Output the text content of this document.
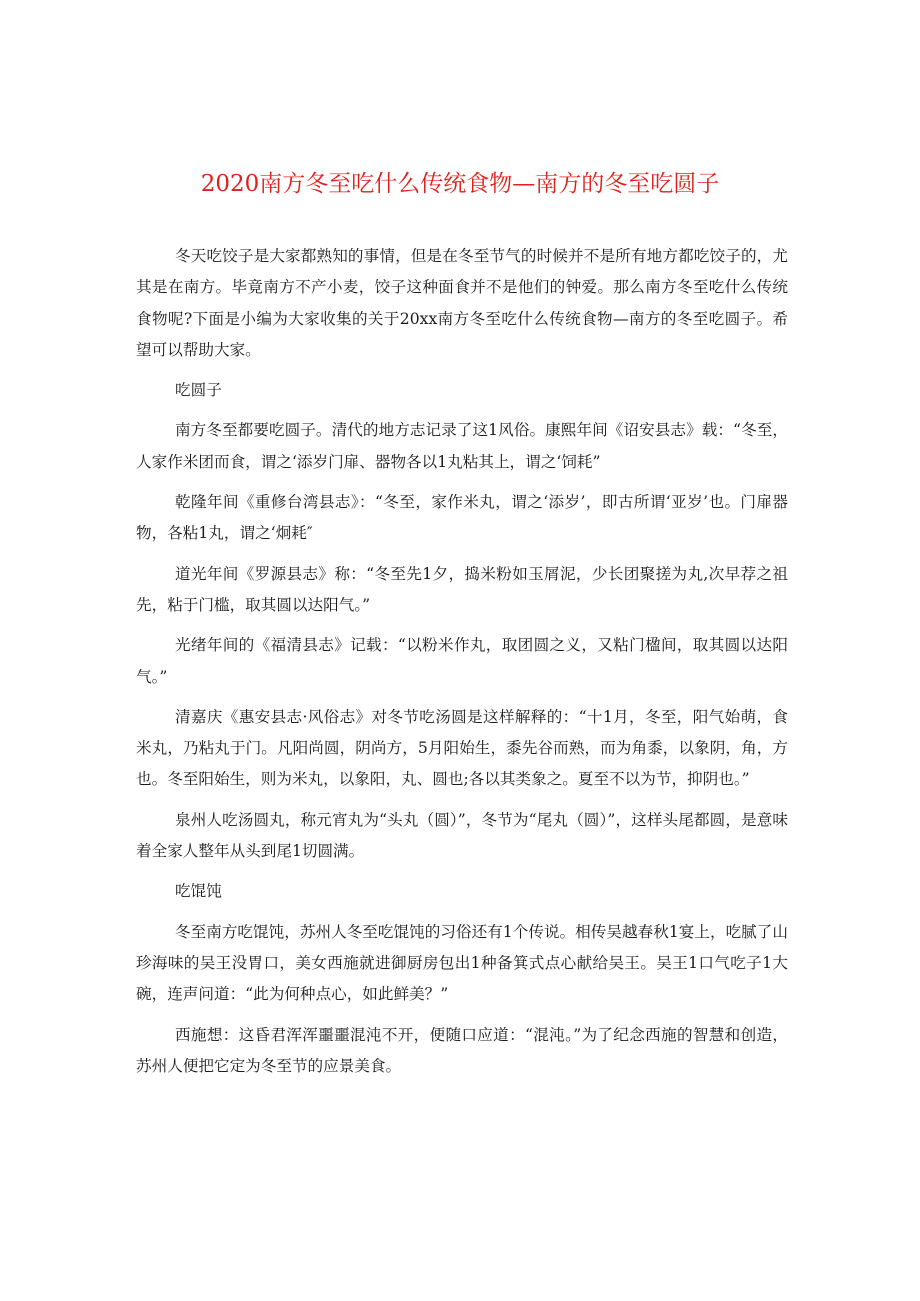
2020南方冬至吃什么传统食物—南方的冬至吃圆子

冬天吃饺子是大家都熟知的事情，但是在冬至节气的时候并不是所有地方都吃饺子的，尤其是在南方。毕竟南方不产小麦，饺子这种面食并不是他们的钟爱。那么南方冬至吃什么传统食物呢?下面是小编为大家收集的关于20xx南方冬至吃什么传统食物—南方的冬至吃圆子。希望可以帮助大家。

吃圆子

南方冬至都要吃圆子。清代的地方志记录了这1风俗。康熙年间《诏安县志》载：“冬至，人家作米团而食，谓之‘添岁门扉、器物各以1丸粘其上，谓之‘饲耗”

乾隆年间《重修台湾县志》：“冬至，家作米丸，谓之‘添岁’，即古所谓‘亚岁’也。门扉器物，各粘1丸，谓之‘炯耗″

道光年间《罗源县志》称：“冬至先1夕，捣米粉如玉屑泥，少长团聚搓为丸,次早荐之祖先，粘于门槛，取其圆以达阳气。”

光绪年间的《福清县志》记载：“以粉米作丸，取团圆之义，又粘门楹间，取其圆以达阳气。”

清嘉庆《惠安县志·风俗志》对冬节吃汤圆是这样解释的：“十1月，冬至，阳气始萌，食米丸，乃粘丸于门。凡阳尚圆，阴尚方，5月阳始生，黍先谷而熟，而为角黍，以象阴，角，方也。冬至阳始生，则为米丸，以象阳，丸、圆也;各以其类象之。夏至不以为节，抑阴也。”

泉州人吃汤圆丸，称元宵丸为“头丸（圆）”，冬节为“尾丸（圆）”，这样头尾都圆，是意味着全家人整年从头到尾1切圆满。

吃馄饨

冬至南方吃馄饨，苏州人冬至吃馄饨的习俗还有1个传说。相传吴越春秋1宴上，吃腻了山珍海味的吴王没胃口，美女西施就进御厨房包出1种备箕式点心献给吴王。吴王1口气吃子1大碗，连声问道：“此为何种点心，如此鲜美？”

西施想：这昏君浑浑噩噩混沌不开，便随口应道：“混沌。”为了纪念西施的智慧和创造，苏州人便把它定为冬至节的应景美食。
